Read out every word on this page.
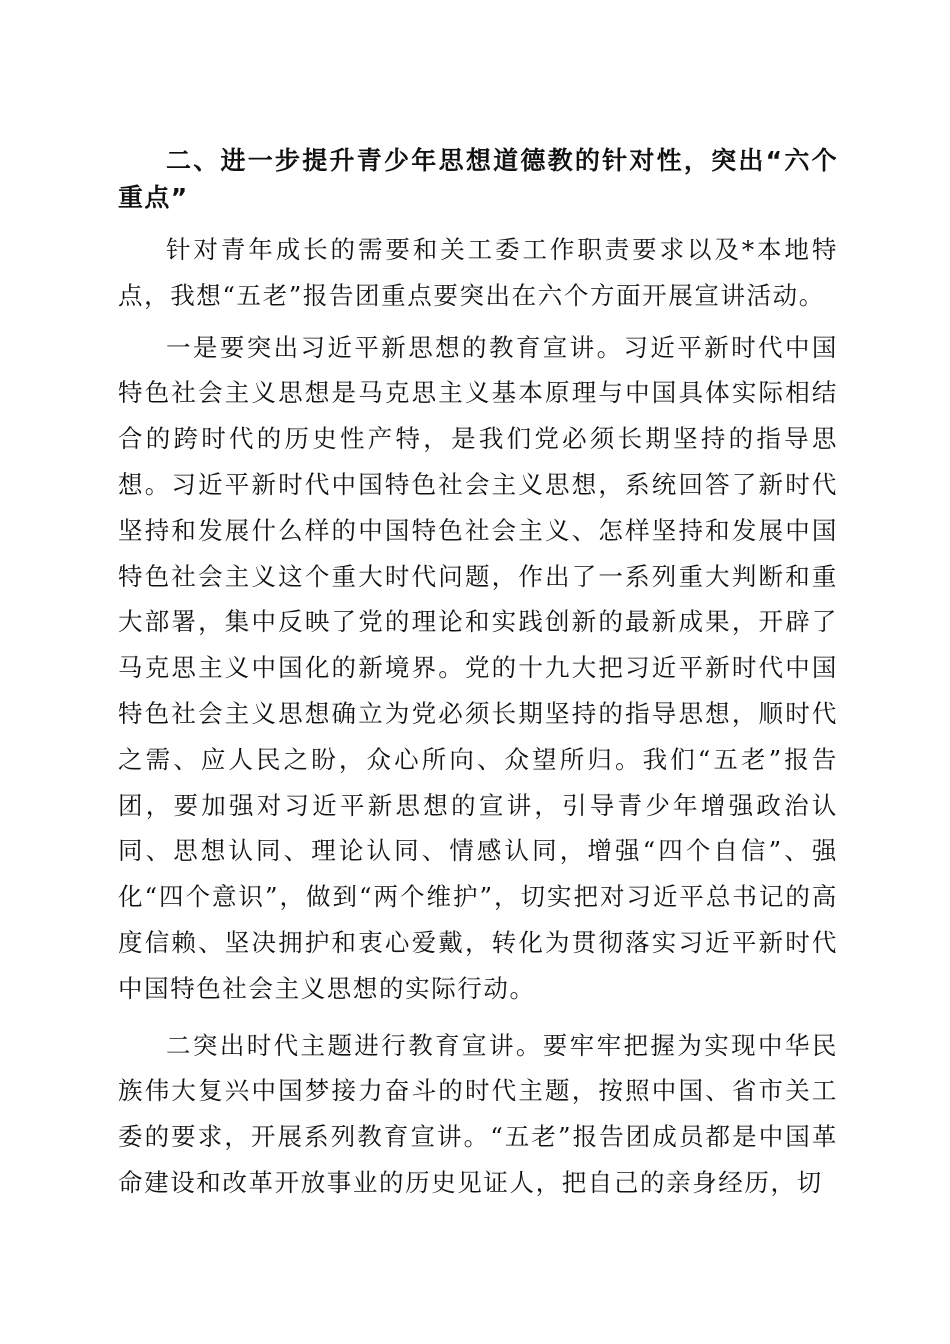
二、进一步提升青少年思想道德教的针对性，突出“六个重点”

针对青年成长的需要和关工委工作职责要求以及*本地特点，我想“五老”报告团重点要突出在六个方面开展宣讲活动。

一是要突出习近平新思想的教育宣讲。习近平新时代中国特色社会主义思想是马克思主义基本原理与中国具体实际相结合的跨时代的历史性产特，是我们党必须长期坚持的指导思想。习近平新时代中国特色社会主义思想，系统回答了新时代坚持和发展什么样的中国特色社会主义、怎样坚持和发展中国特色社会主义这个重大时代问题，作出了一系列重大判断和重大部署，集中反映了党的理论和实践创新的最新成果，开辟了马克思主义中国化的新境界。党的十九大把习近平新时代中国特色社会主义思想确立为党必须长期坚持的指导思想，顺时代之需、应人民之盼，众心所向、众望所归。我们“五老”报告团，要加强对习近平新思想的宣讲，引导青少年增强政治认同、思想认同、理论认同、情感认同，增强“四个自信”、强化“四个意识”，做到“两个维护”，切实把对习近平总书记的高度信赖、坚决拥护和衷心爱戴，转化为贯彻落实习近平新时代中国特色社会主义思想的实际行动。

二突出时代主题进行教育宣讲。要牢牢把握为实现中华民族伟大复兴中国梦接力奋斗的时代主题，按照中国、省市关工委的要求，开展系列教育宣讲。“五老”报告团成员都是中国革命建设和改革开放事业的历史见证人，把自己的亲身经历，切
